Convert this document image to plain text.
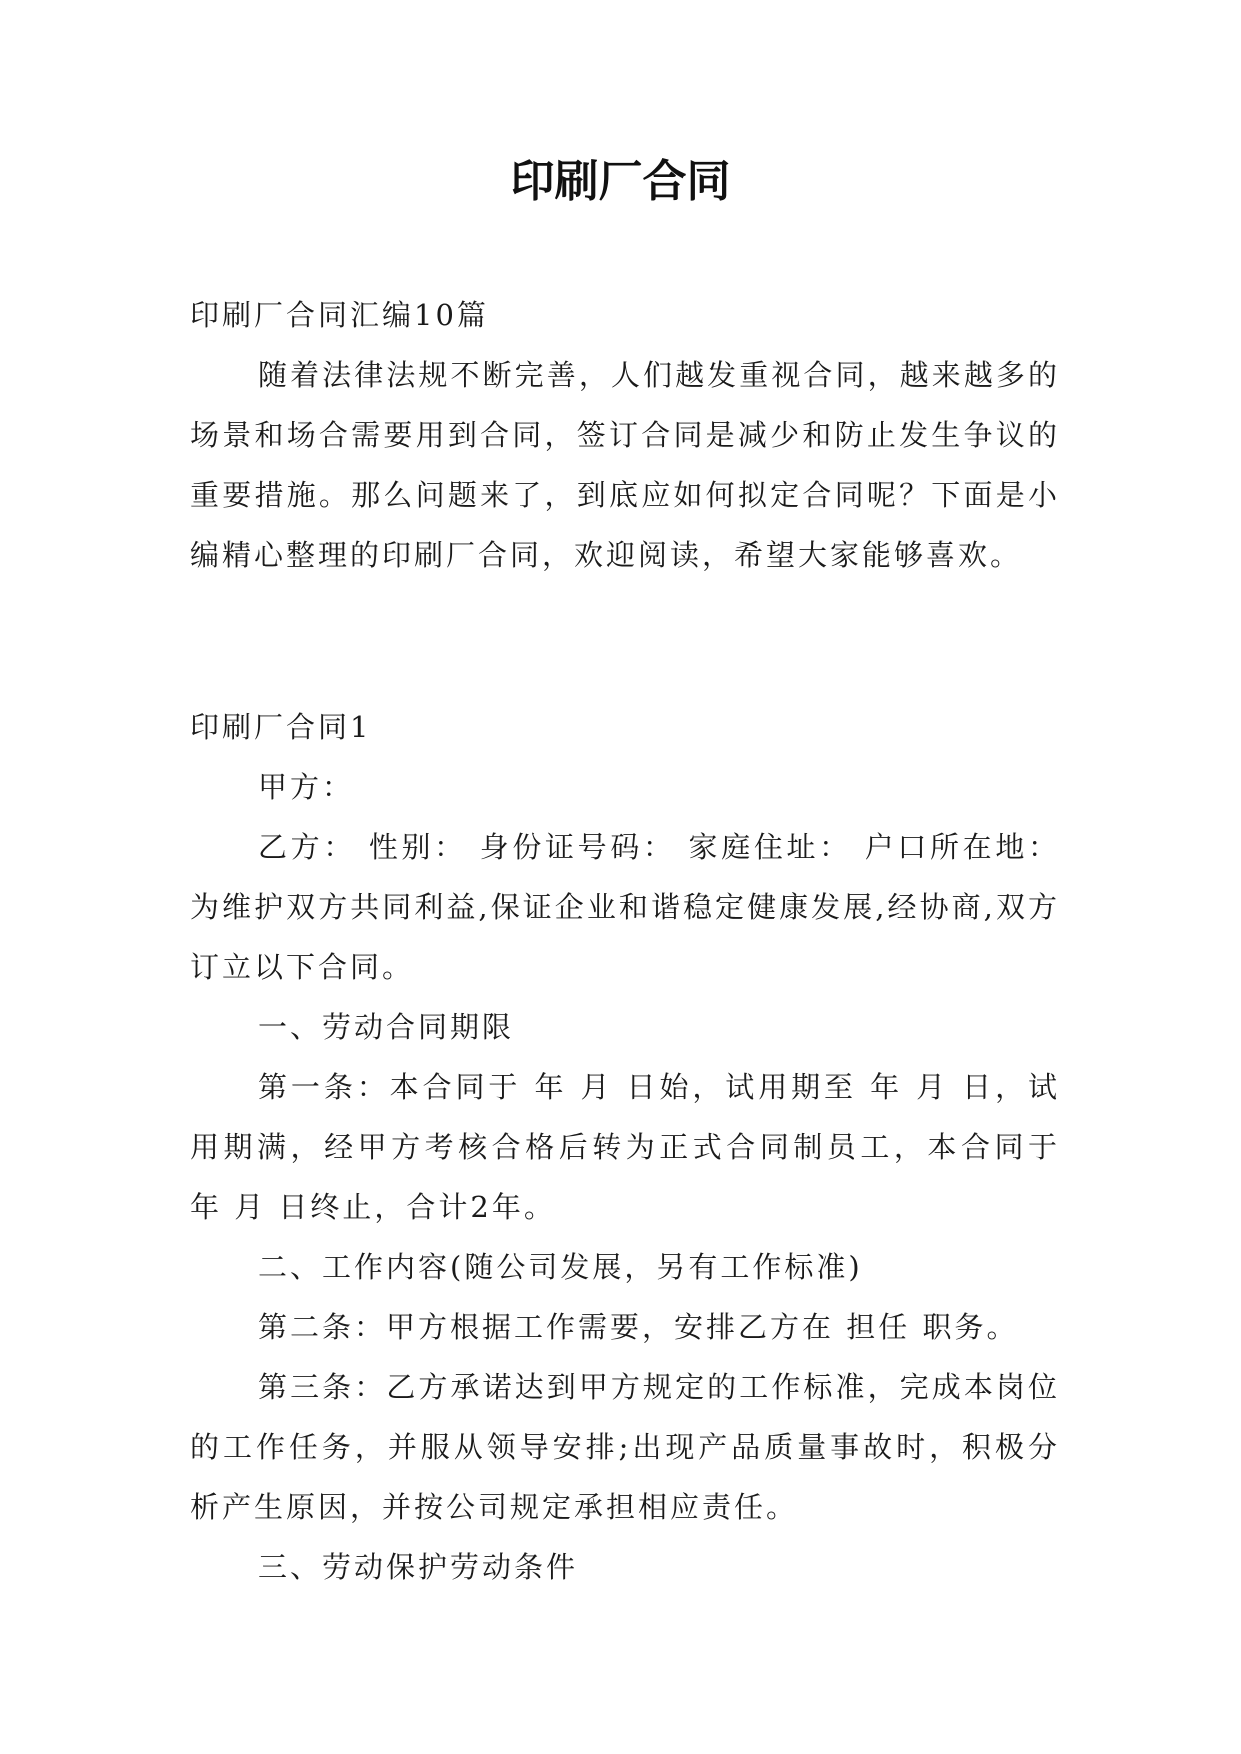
印刷厂合同

印刷厂合同汇编10篇

随着法律法规不断完善，人们越发重视合同，越来越多的场景和场合需要用到合同，签订合同是减少和防止发生争议的重要措施。那么问题来了，到底应如何拟定合同呢？下面是小编精心整理的印刷厂合同，欢迎阅读，希望大家能够喜欢。

印刷厂合同1

甲方：

乙方： 性别： 身份证号码： 家庭住址： 户口所在地：为维护双方共同利益,保证企业和谐稳定健康发展,经协商,双方订立以下合同。

一、劳动合同期限

第一条：本合同于 年 月 日始，试用期至 年 月 日，试用期满，经甲方考核合格后转为正式合同制员工，本合同于 年 月 日终止，合计2年。

二、工作内容(随公司发展，另有工作标准)

第二条：甲方根据工作需要，安排乙方在 担任 职务。

第三条：乙方承诺达到甲方规定的工作标准，完成本岗位的工作任务，并服从领导安排;出现产品质量事故时，积极分析产生原因，并按公司规定承担相应责任。

三、劳动保护劳动条件
